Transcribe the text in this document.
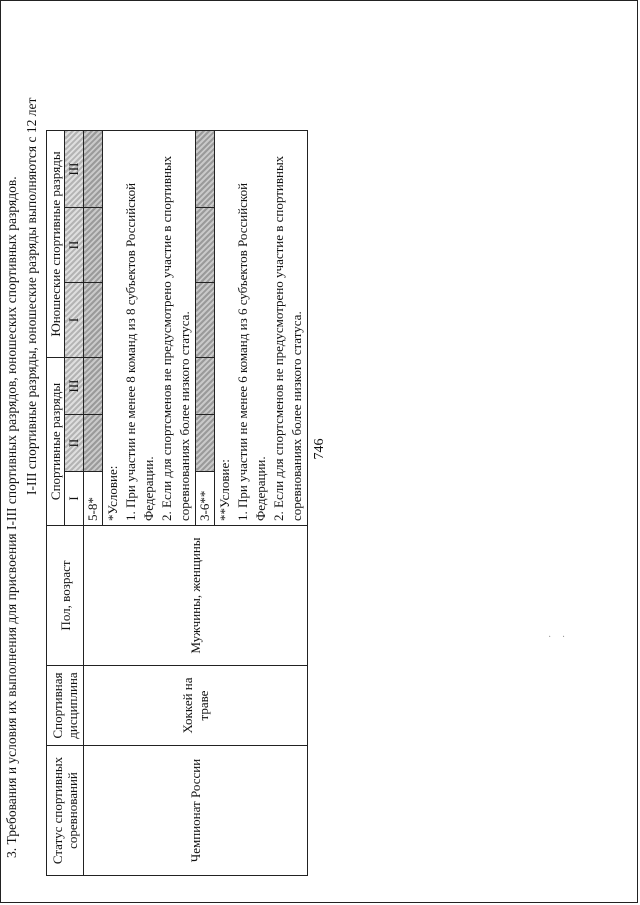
746
· ·
3. Требования и условия их выполнения для присвоения I-III спортивных разрядов, юношеских спортивных разрядов. I-III спортивные разряды, юношеские разряды выполняются с 12 лет
Статус спортивных соревнований	Спортивная дисциплина	Пол, возраст	Спортивные разряды			Юношеские спортивные разряды		
			I	II	III	I	II	III
Чемпионат России	Хоккей на траве	Мужчины, женщины	5-8*					

			*Условие: 1. При участии не менее 8 команд из 8 субъектов Российской Федерации. 2. Если для спортсменов не предусмотрено участие в спортивных соревнованиях более низкого статуса.					

			3-6**					

			**Условие: 1. При участии не менее 6 команд из 6 субъектов Российской Федерации. 2. Если для спортсменов не предусмотрено участие в спортивных соревнованиях более низкого статуса.					
